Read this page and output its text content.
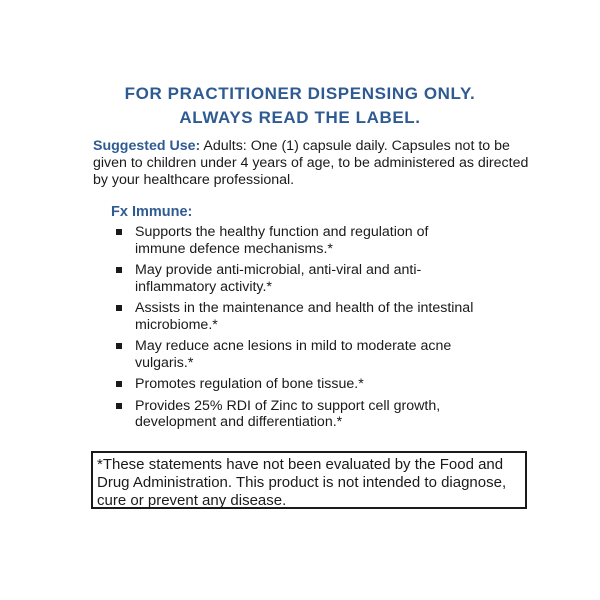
FOR PRACTITIONER DISPENSING ONLY.
ALWAYS READ THE LABEL.
Suggested Use: Adults: One (1) capsule daily. Capsules not to be given to children under 4 years of age, to be administered as directed by your healthcare professional.
Fx Immune:
Supports the healthy function and regulation of immune defence mechanisms.*
May provide anti-microbial, anti-viral and anti-inflammatory activity.*
Assists in the maintenance and health of the intestinal microbiome.*
May reduce acne lesions in mild to moderate acne vulgaris.*
Promotes regulation of bone tissue.*
Provides 25% RDI of Zinc to support cell growth, development and differentiation.*
*These statements have not been evaluated by the Food and Drug Administration. This product is not intended to diagnose, cure or prevent any disease.
